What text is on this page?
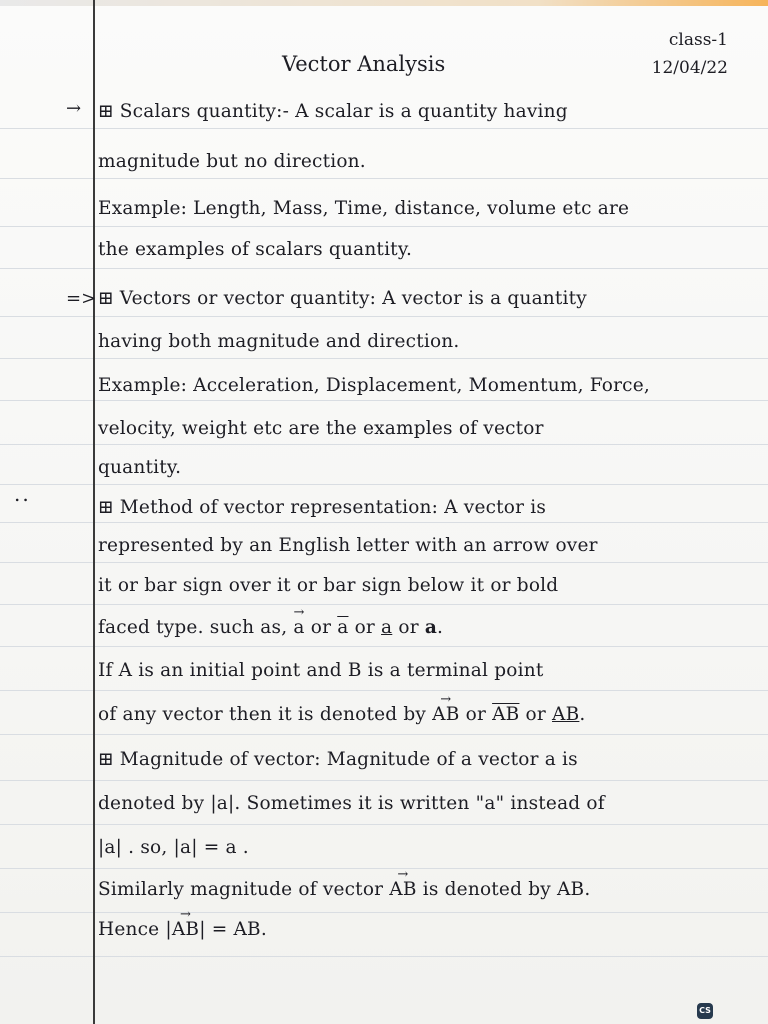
class-1
Vector Analysis	12/04/22
→
=>
..
⊞ Scalars quantity:- A scalar is a quantity having
magnitude but no direction.
Example: Length, Mass, Time, distance, volume etc are
the examples of scalars quantity.
⊞ Vectors or vector quantity: A vector is a quantity
having both magnitude and direction.
Example: Acceleration, Displacement, Momentum, Force,
velocity, weight etc are the examples of vector
quantity.
⊞ Method of vector representation: A vector is
represented by an English letter with an arrow over
it or bar sign over it or bar sign below it or bold
faced type. such as, → a or $\overline{a}$ or a or a.
If A is an initial point and B is a terminal point
of any vector then it is denoted by → AB or $\overline{AB}$ or AB.
⊞ Magnitude of vector: Magnitude of a vector a is
denoted by |a|. Sometimes it is written "a" instead of
|a| . so, |a| = a .
Similarly magnitude of vector → AB is denoted by AB.
Hence |→ AB| = AB.
CS
